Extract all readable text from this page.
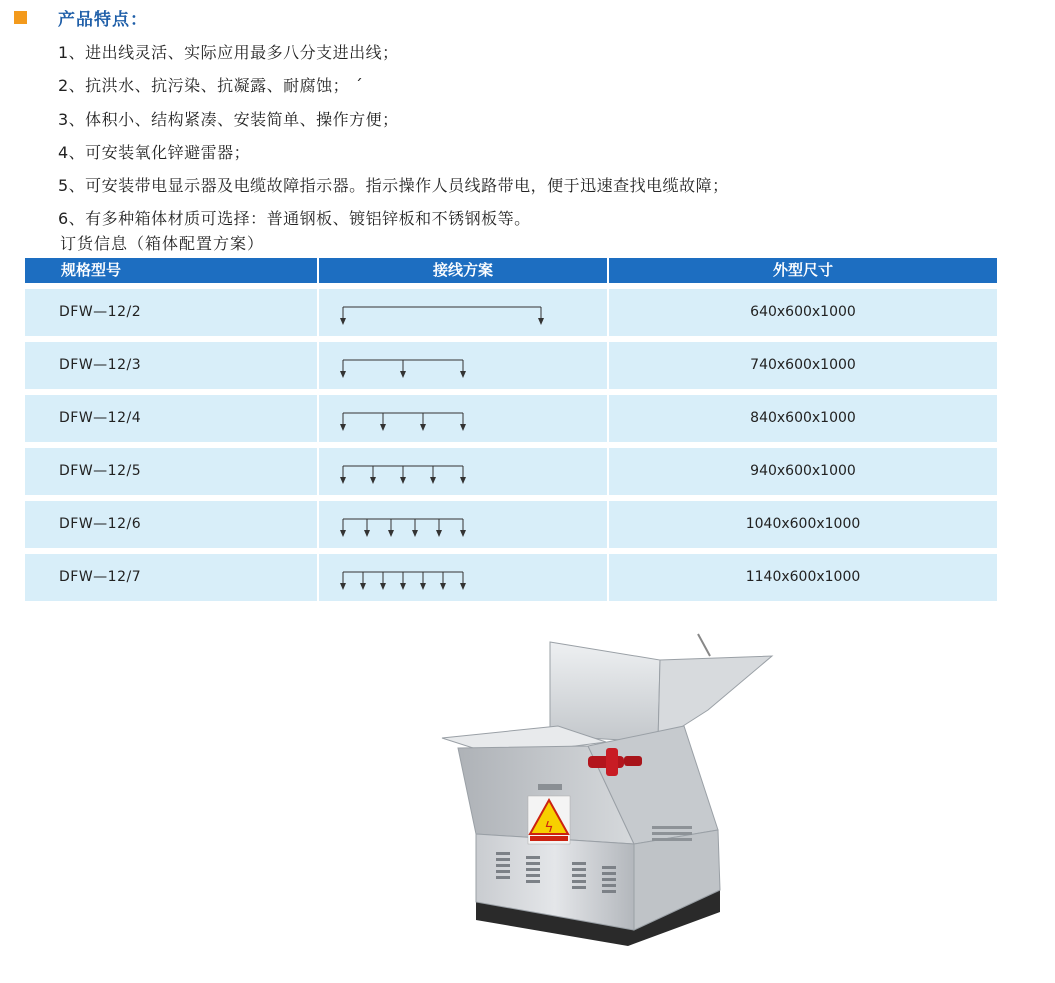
产品特点：
1、进出线灵活、实际应用最多八分支进出线；
2、抗洪水、抗污染、抗凝露、耐腐蚀； ˊ
3、体积小、结构紧凑、安装简单、操作方便；
4、可安装氧化锌避雷器；
5、可安装带电显示器及电缆故障指示器。指示操作人员线路带电，便于迅速查找电缆故障；
6、有多种箱体材质可选择：普通钢板、镀铝锌板和不锈钢板等。
订货信息（箱体配置方案）
规格型号	接线方案	外型尺寸
DFW—12/2	640x600x1000
DFW—12/3	740x600x1000
DFW—12/4	840x600x1000
DFW—12/5	940x600x1000
DFW—12/6	1040x600x1000
DFW—12/7	1140x600x1000
ϟ
